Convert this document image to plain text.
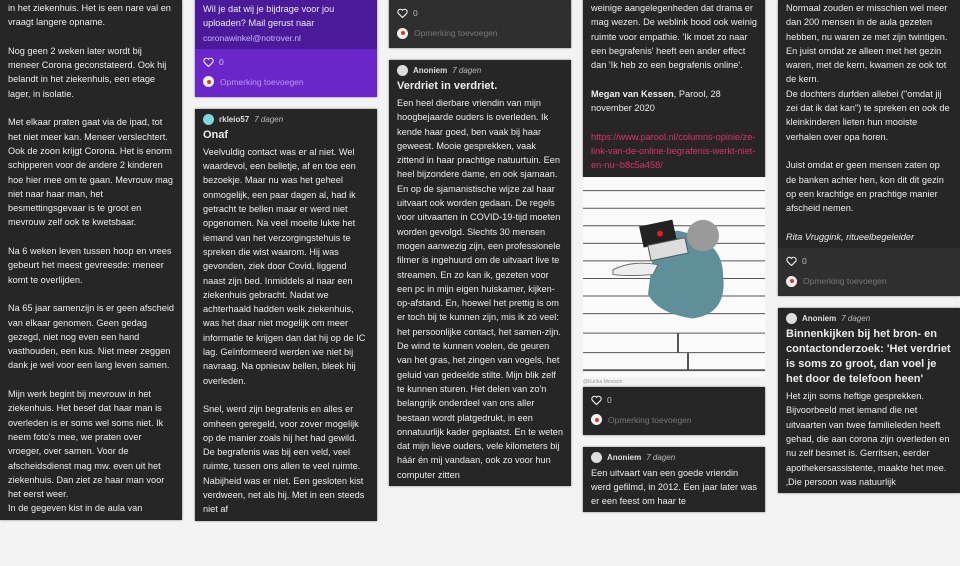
in het ziekenhuis. Het is een nare val en vraagt langere opname.

Nog geen 2 weken later wordt bij meneer Corona geconstateerd. Ook hij belandt in het ziekenhuis, een etage lager, in isolatie.

Met elkaar praten gaat via de ipad, tot het niet meer kan. Meneer verslechtert.

Ook de zoon krijgt Corona. Het is enorm schipperen voor de andere 2 kinderen hoe hier mee om te gaan. Mevrouw mag niet naar haar man, het besmettingsgevaar is te groot en mevrouw zelf ook te kwetsbaar.

Na 6 weken leven tussen hoop en vrees gebeurt het meest gevreesde: meneer komt te overlijden.

Na 65 jaar samenzijn is er geen afscheid van elkaar genomen. Geen gedag gezegd, niet nog even een hand vasthouden, een kus. Niet meer zeggen dank je wel voor een lang leven samen.

Mijn werk begint bij mevrouw in het ziekenhuis. Het besef dat haar man is overleden is er soms wel soms niet. Ik neem foto's mee, we praten over vroeger, over samen. Voor de afscheidsdienst mag mw. even uit het ziekenhuis. Dan ziet ze haar man voor het eerst weer.

In de gegeven kist in de aula van

Wil je dat wij je bijdrage voor jou uploaden? Mail gerust naar
coronawinkel@notrover.nl
0
Opmerking toevoegen
rkleio57 7 dagen
Onaf

Veelvuldig contact was er al niet. Wel waardevol, een belletje, af en toe een bezoekje. Maar nu was het geheel onmogelijk, een paar dagen al, had ik getracht te bellen maar er werd niet opgenomen. Na veel moeite lukte het iemand van het verzorgingstehuis te spreken die wist waarom. Hij was gevonden, ziek door Covid, liggend naast zijn bed. Inmiddels al naar een ziekenhuis gebracht. Nadat we achterhaald hadden welk ziekenhuis, was het daar niet mogelijk om meer informatie te krijgen dan dat hij op de IC lag. Geïnformeerd werden we niet bij navraag. Na opnieuw bellen, bleek hij overleden.

Snel, werd zijn begrafenis en alles er omheen geregeld, voor zover mogelijk op de manier zoals hij het had gewild. De begrafenis was bij een veld, veel ruimte, tussen ons allen te veel ruimte. Nabijheid was er niet. Een gesloten kist verdween, net als hij. Met in een steeds niet af

0
Opmerking toevoegen
Anoniem 7 dagen
Verdriet in verdriet.

Een heel dierbare vriendin van mijn hoogbejaarde ouders is overleden. Ik kende haar goed, ben vaak bij haar geweest. Mooie gesprekken, vaak zittend in haar prachtige natuurtuin. Een heel bijzondere dame, en ook sjamaan. En op de sjamanistische wijze zal haar uitvaart ook worden gedaan. De regels voor uitvaarten in COVID-19-tijd moeten worden gevolgd. Slechts 30 mensen mogen aanwezig zijn, een professionele filmer is ingehuurd om de uitvaart live te streamen. En zo kan ik, gezeten voor een pc in mijn eigen huiskamer, kijken-op-afstand. En, hoewel het prettig is om er toch bij te kunnen zijn, mis ik zó veel: het persoonlijke contact, het samen-zijn. De wind te kunnen voelen, de geuren van het gras, het zingen van vogels, het geluid van gedeelde stilte. Mijn blik zelf te kunnen sturen. Het delen van zo'n belangrijk onderdeel van ons aller bestaan wordt platgedrukt, in een onnatuurlijk kader geplaatst. En te weten dat mijn lieve ouders, vele kilometers bij háár én mij vandaan, ook zo voor hun computer zitten

weinige aangelegenheden dat drama er mag wezen. De weblink bood ook weinig ruimte voor empathie. 'Ik moet zo naar een begrafenis' heeft een ander effect dan 'Ik heb zo een begrafenis online'.

Megan van Kessen, Parool, 28 november 2020

https://www.parool.nl/columns-opinie/ze-link-van-de-online-begrafenis-werkt-niet-en-nu~b8c5a458/

@Eurika Menisch
0
Opmerking toevoegen
Anoniem 7 dagen

Een uitvaart van een goede vriendin werd gefilmd, in 2012. Een jaar later was er een feest om haar te

Normaal zouden er misschien wel meer dan 200 mensen in de aula gezeten hebben, nu waren ze met zijn twintigen.

En juist omdat ze alleen met het gezin waren, met de kern, kwamen ze ook tot de kern.

De dochters durfden allebei ("omdat jij zei dat ik dat kan") te spreken en ook de kleinkinderen lieten hun mooiste verhalen over opa horen.

Juist omdat er geen mensen zaten op de banken achter hen, kon dit dit gezin op een krachtige en prachtige manier afscheid nemen.

Rita Vruggink, ritueelbegeleider

0
Opmerking toevoegen
Anoniem 7 dagen
Binnenkijken bij het bron- en contactonderzoek: 'Het verdriet is soms zo groot, dan voel je het door de telefoon heen'

Het zijn soms heftige gesprekken. Bijvoorbeeld met iemand die net uitvaarten van twee familieleden heeft gehad, die aan corona zijn overleden en nu zelf besmet is. Gerritsen, eerder apothekersassistente, maakte het mee. ‚Die persoon was natuurlijk
